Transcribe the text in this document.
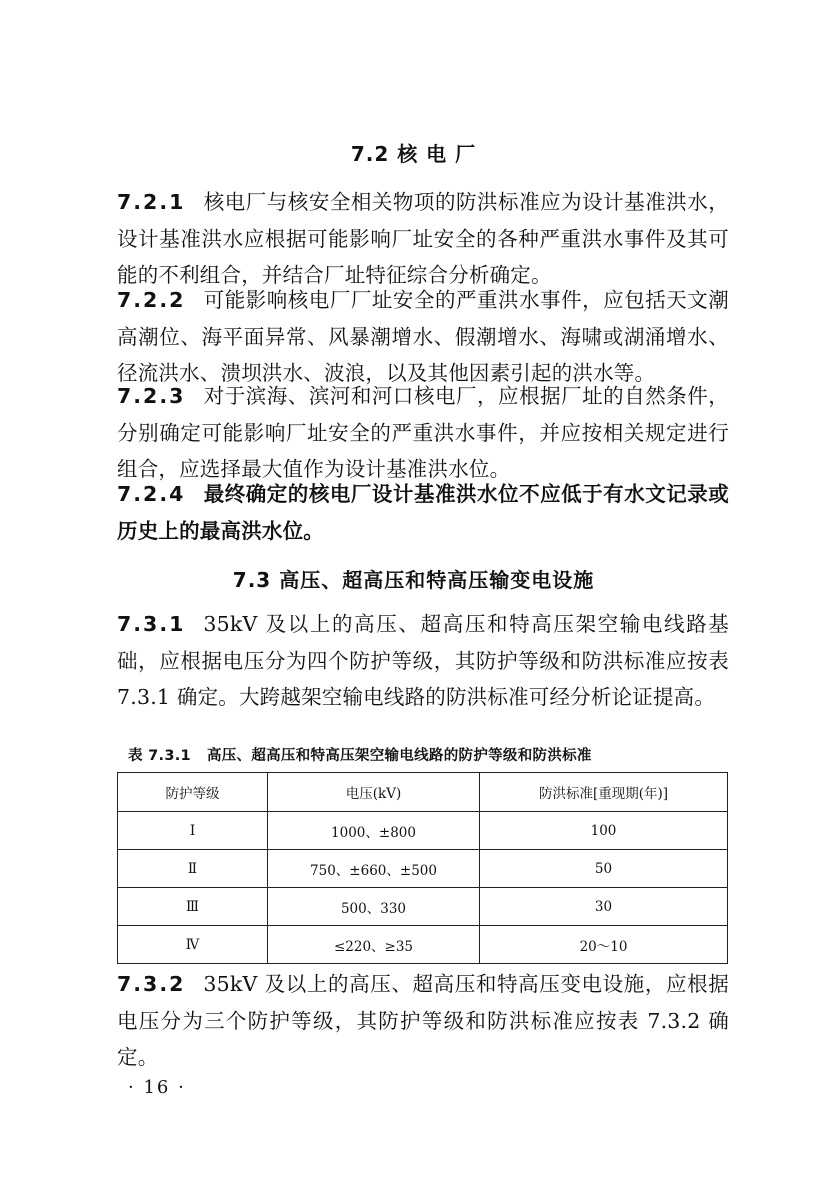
7.2 核 电 厂

7.2.1 核电厂与核安全相关物项的防洪标准应为设计基准洪水，设计基准洪水应根据可能影响厂址安全的各种严重洪水事件及其可能的不利组合，并结合厂址特征综合分析确定。

7.2.2 可能影响核电厂厂址安全的严重洪水事件，应包括天文潮高潮位、海平面异常、风暴潮增水、假潮增水、海啸或湖涌增水、径流洪水、溃坝洪水、波浪，以及其他因素引起的洪水等。

7.2.3 对于滨海、滨河和河口核电厂，应根据厂址的自然条件，分别确定可能影响厂址安全的严重洪水事件，并应按相关规定进行组合，应选择最大值作为设计基准洪水位。

7.2.4 最终确定的核电厂设计基准洪水位不应低于有水文记录或历史上的最高洪水位。

7.3 高压、超高压和特高压输变电设施

7.3.1 35kV 及以上的高压、超高压和特高压架空输电线路基础，应根据电压分为四个防护等级，其防护等级和防洪标准应按表 7.3.1 确定。大跨越架空输电线路的防洪标准可经分析论证提高。

表 7.3.1 高压、超高压和特高压架空输电线路的防护等级和防洪标准

防护等级	电压(kV)	防洪标准[重现期(年)]
Ⅰ	1000、±800	100
Ⅱ	750、±660、±500	50
Ⅲ	500、330	30
Ⅳ	≤220、≥35	20～10

7.3.2 35kV 及以上的高压、超高压和特高压变电设施，应根据电压分为三个防护等级，其防护等级和防洪标准应按表 7.3.2 确定。

· 16 ·
